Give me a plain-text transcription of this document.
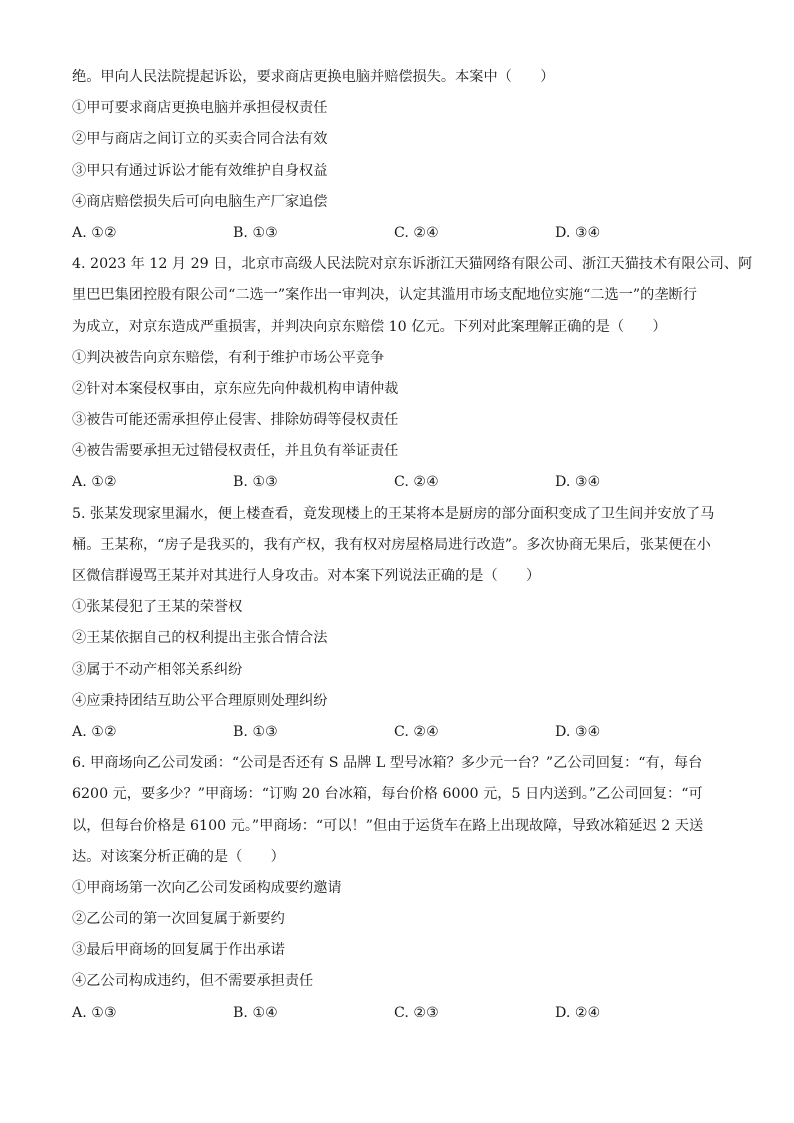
绝。甲向人民法院提起诉讼，要求商店更换电脑并赔偿损失。本案中（　　）
①甲可要求商店更换电脑并承担侵权责任
②甲与商店之间订立的买卖合同合法有效
③甲只有通过诉讼才能有效维护自身权益
④商店赔偿损失后可向电脑生产厂家追偿
A. ①②	B. ①③	C. ②④	D. ③④
4. 2023 年 12 月 29 日，北京市高级人民法院对京东诉浙江天猫网络有限公司、浙江天猫技术有限公司、阿
里巴巴集团控股有限公司“二选一”案作出一审判决，认定其滥用市场支配地位实施“二选一”的垄断行
为成立，对京东造成严重损害，并判决向京东赔偿 10 亿元。下列对此案理解正确的是（　　）
①判决被告向京东赔偿，有利于维护市场公平竞争
②针对本案侵权事由，京东应先向仲裁机构申请仲裁
③被告可能还需承担停止侵害、排除妨碍等侵权责任
④被告需要承担无过错侵权责任，并且负有举证责任
A. ①②	B. ①③	C. ②④	D. ③④
5. 张某发现家里漏水，便上楼查看，竟发现楼上的王某将本是厨房的部分面积变成了卫生间并安放了马
桶。王某称，“房子是我买的，我有产权，我有权对房屋格局进行改造”。多次协商无果后，张某便在小
区微信群谩骂王某并对其进行人身攻击。对本案下列说法正确的是（　　）
①张某侵犯了王某的荣誉权
②王某依据自己的权利提出主张合情合法
③属于不动产相邻关系纠纷
④应秉持团结互助公平合理原则处理纠纷
A. ①②	B. ①③	C. ②④	D. ③④
6. 甲商场向乙公司发函：“公司是否还有 S 品牌 L 型号冰箱？多少元一台？”乙公司回复：“有，每台
6200 元，要多少？”甲商场：“订购 20 台冰箱，每台价格 6000 元，5 日内送到。”乙公司回复：“可
以，但每台价格是 6100 元。”甲商场：“可以！”但由于运货车在路上出现故障，导致冰箱延迟 2 天送
达。对该案分析正确的是（　　）
①甲商场第一次向乙公司发函构成要约邀请
②乙公司的第一次回复属于新要约
③最后甲商场的回复属于作出承诺
④乙公司构成违约，但不需要承担责任
A. ①③	B. ①④	C. ②③	D. ②④
